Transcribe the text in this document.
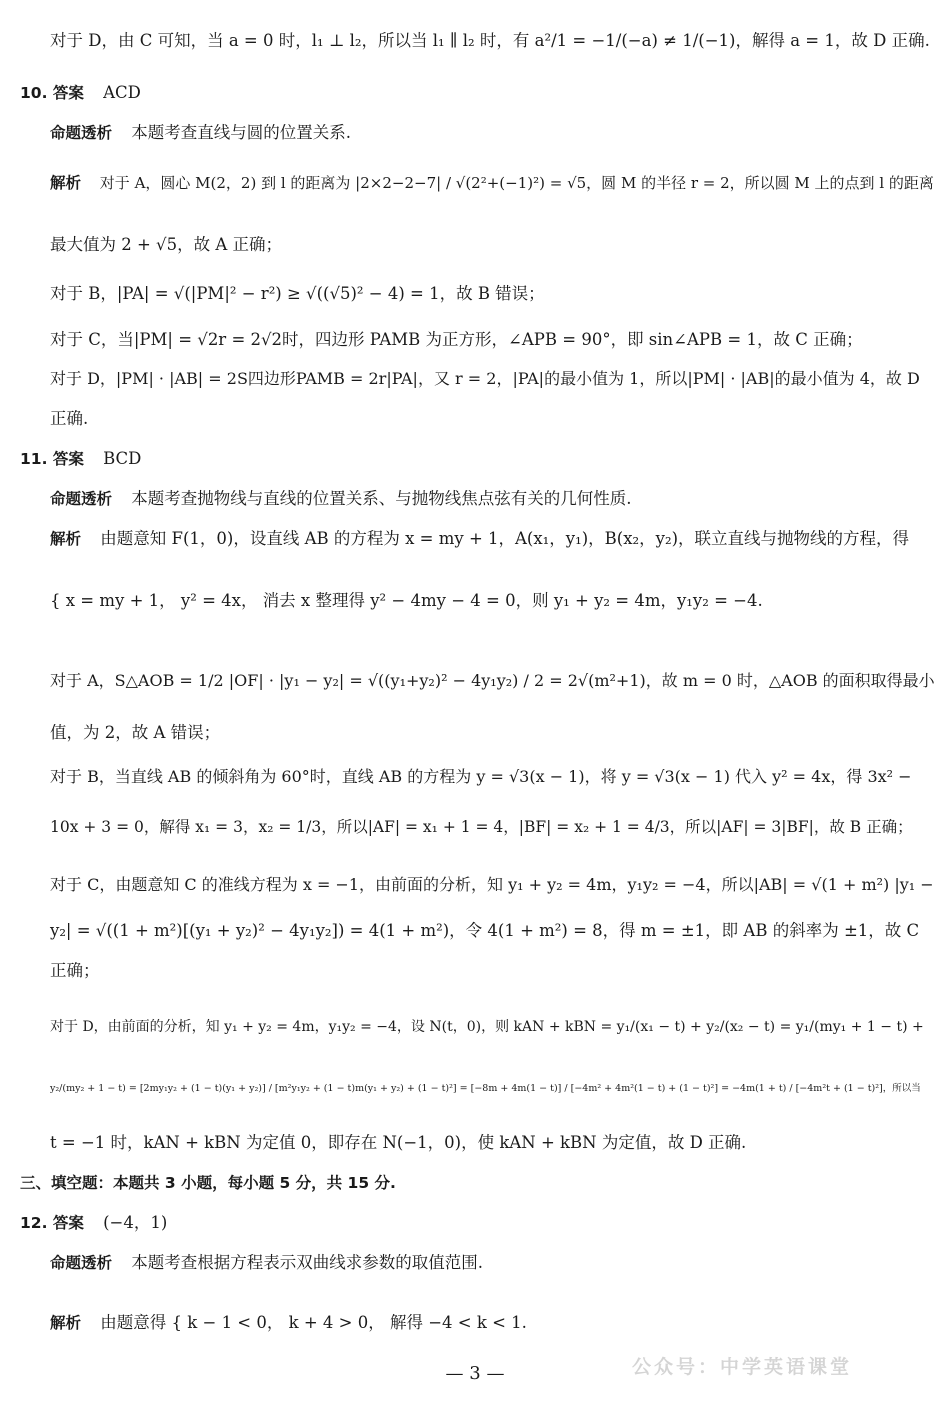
对于 D，由 C 可知，当 a = 0 时，l₁ ⊥ l₂，所以当 l₁ ∥ l₂ 时，有 a²/1 = −1/(−a) ≠ 1/(−1)，解得 a = 1，故 D 正确.
10. 答案 ACD
命题透析 本题考查直线与圆的位置关系.
解析 对于 A，圆心 M(2，2) 到 l 的距离为 |2×2−2−7| / √(2²+(−1)²) = √5，圆 M 的半径 r = 2，所以圆 M 上的点到 l 的距离
最大值为 2 + √5，故 A 正确；
对于 B，|PA| = √(|PM|² − r²) ≥ √((√5)² − 4) = 1，故 B 错误；
对于 C，当|PM| = √2r = 2√2时，四边形 PAMB 为正方形，∠APB = 90°，即 sin∠APB = 1，故 C 正确；
对于 D，|PM| · |AB| = 2S四边形PAMB = 2r|PA|，又 r = 2，|PA|的最小值为 1，所以|PM| · |AB|的最小值为 4，故 D
正确.
11. 答案 BCD
命题透析 本题考查抛物线与直线的位置关系、与抛物线焦点弦有关的几何性质.
解析 由题意知 F(1，0)，设直线 AB 的方程为 x = my + 1，A(x₁，y₁)，B(x₂，y₂)，联立直线与抛物线的方程，得
{ x = my + 1， y² = 4x， 消去 x 整理得 y² − 4my − 4 = 0，则 y₁ + y₂ = 4m，y₁y₂ = −4.
对于 A，S△AOB = 1/2 |OF| · |y₁ − y₂| = √((y₁+y₂)² − 4y₁y₂) / 2 = 2√(m²+1)，故 m = 0 时，△AOB 的面积取得最小
值，为 2，故 A 错误；
对于 B，当直线 AB 的倾斜角为 60°时，直线 AB 的方程为 y = √3(x − 1)，将 y = √3(x − 1) 代入 y² = 4x，得 3x² −
10x + 3 = 0，解得 x₁ = 3，x₂ = 1/3，所以|AF| = x₁ + 1 = 4，|BF| = x₂ + 1 = 4/3，所以|AF| = 3|BF|，故 B 正确；
对于 C，由题意知 C 的准线方程为 x = −1，由前面的分析，知 y₁ + y₂ = 4m，y₁y₂ = −4，所以|AB| = √(1 + m²) |y₁ −
y₂| = √((1 + m²)[(y₁ + y₂)² − 4y₁y₂]) = 4(1 + m²)，令 4(1 + m²) = 8，得 m = ±1，即 AB 的斜率为 ±1，故 C
正确；
对于 D，由前面的分析，知 y₁ + y₂ = 4m，y₁y₂ = −4，设 N(t，0)，则 kAN + kBN = y₁/(x₁ − t) + y₂/(x₂ − t) = y₁/(my₁ + 1 − t) +
y₂/(my₂ + 1 − t) = [2my₁y₂ + (1 − t)(y₁ + y₂)] / [m²y₁y₂ + (1 − t)m(y₁ + y₂) + (1 − t)²] = [−8m + 4m(1 − t)] / [−4m² + 4m²(1 − t) + (1 − t)²] = −4m(1 + t) / [−4m²t + (1 − t)²]，所以当
t = −1 时，kAN + kBN 为定值 0，即存在 N(−1，0)，使 kAN + kBN 为定值，故 D 正确.
三、填空题：本题共 3 小题，每小题 5 分，共 15 分.
12. 答案 (−4，1)
命题透析 本题考查根据方程表示双曲线求参数的取值范围.
解析 由题意得 { k − 1 < 0， k + 4 > 0， 解得 −4 < k < 1.
公众号：中学英语课堂
— 3 —
